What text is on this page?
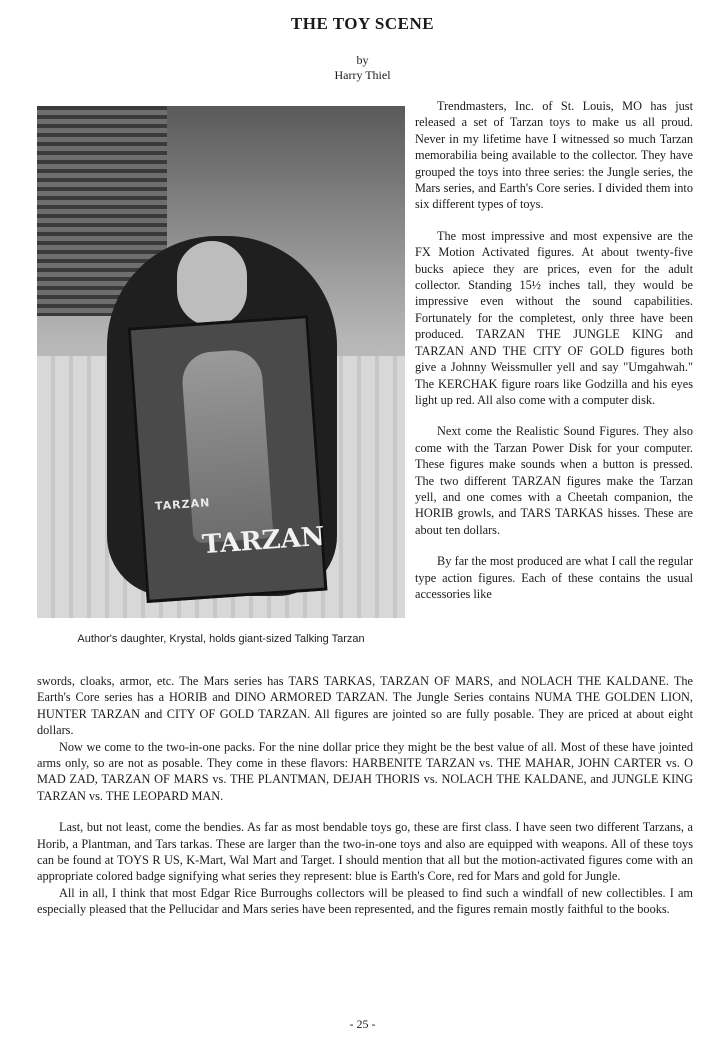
THE TOY SCENE
by
Harry Thiel
TARZAN
TARZAN
Author's daughter, Krystal, holds giant-sized Talking Tarzan

Trendmasters, Inc. of St. Louis, MO has just released a set of Tarzan toys to make us all proud. Never in my lifetime have I witnessed so much Tarzan memorabilia being available to the collector. They have grouped the toys into three series: the Jungle series, the Mars series, and Earth's Core series. I divided them into six different types of toys.

The most impressive and most expensive are the FX Motion Activated figures. At about twenty-five bucks apiece they are prices, even for the adult collector. Standing 15½ inches tall, they would be impressive even without the sound capabilities. Fortunately for the completest, only three have been produced. TARZAN THE JUNGLE KING and TARZAN AND THE CITY OF GOLD figures both give a Johnny Weissmuller yell and say "Umgahwah." The KERCHAK figure roars like Godzilla and his eyes light up red. All also come with a computer disk.

Next come the Realistic Sound Figures. They also come with the Tarzan Power Disk for your computer. These figures make sounds when a button is pressed. The two different TARZAN figures make the Tarzan yell, and one comes with a Cheetah companion, the HORIB growls, and TARS TARKAS hisses. These are about ten dollars.

By far the most produced are what I call the regular type action figures. Each of these contains the usual accessories like

swords, cloaks, armor, etc. The Mars series has TARS TARKAS, TARZAN OF MARS, and NOLACH THE KALDANE. The Earth's Core series has a HORIB and DINO ARMORED TARZAN. The Jungle Series contains NUMA THE GOLDEN LION, HUNTER TARZAN and CITY OF GOLD TARZAN. All figures are jointed so are fully posable. They are priced at about eight dollars.

Now we come to the two-in-one packs. For the nine dollar price they might be the best value of all. Most of these have jointed arms only, so are not as posable. They come in these flavors: HARBENITE TARZAN vs. THE MAHAR, JOHN CARTER vs. O MAD ZAD, TARZAN OF MARS vs. THE PLANTMAN, DEJAH THORIS vs. NOLACH THE KALDANE, and JUNGLE KING TARZAN vs. THE LEOPARD MAN.

Last, but not least, come the bendies. As far as most bendable toys go, these are first class. I have seen two different Tarzans, a Horib, a Plantman, and Tars tarkas. These are larger than the two-in-one toys and also are equipped with weapons. All of these toys can be found at TOYS R US, K-Mart, Wal Mart and Target. I should mention that all but the motion-activated figures come with an appropriate colored badge signifying what series they represent: blue is Earth's Core, red for Mars and gold for Jungle.

All in all, I think that most Edgar Rice Burroughs collectors will be pleased to find such a windfall of new collectibles. I am especially pleased that the Pellucidar and Mars series have been represented, and the figures remain mostly faithful to the books.

- 25 -
